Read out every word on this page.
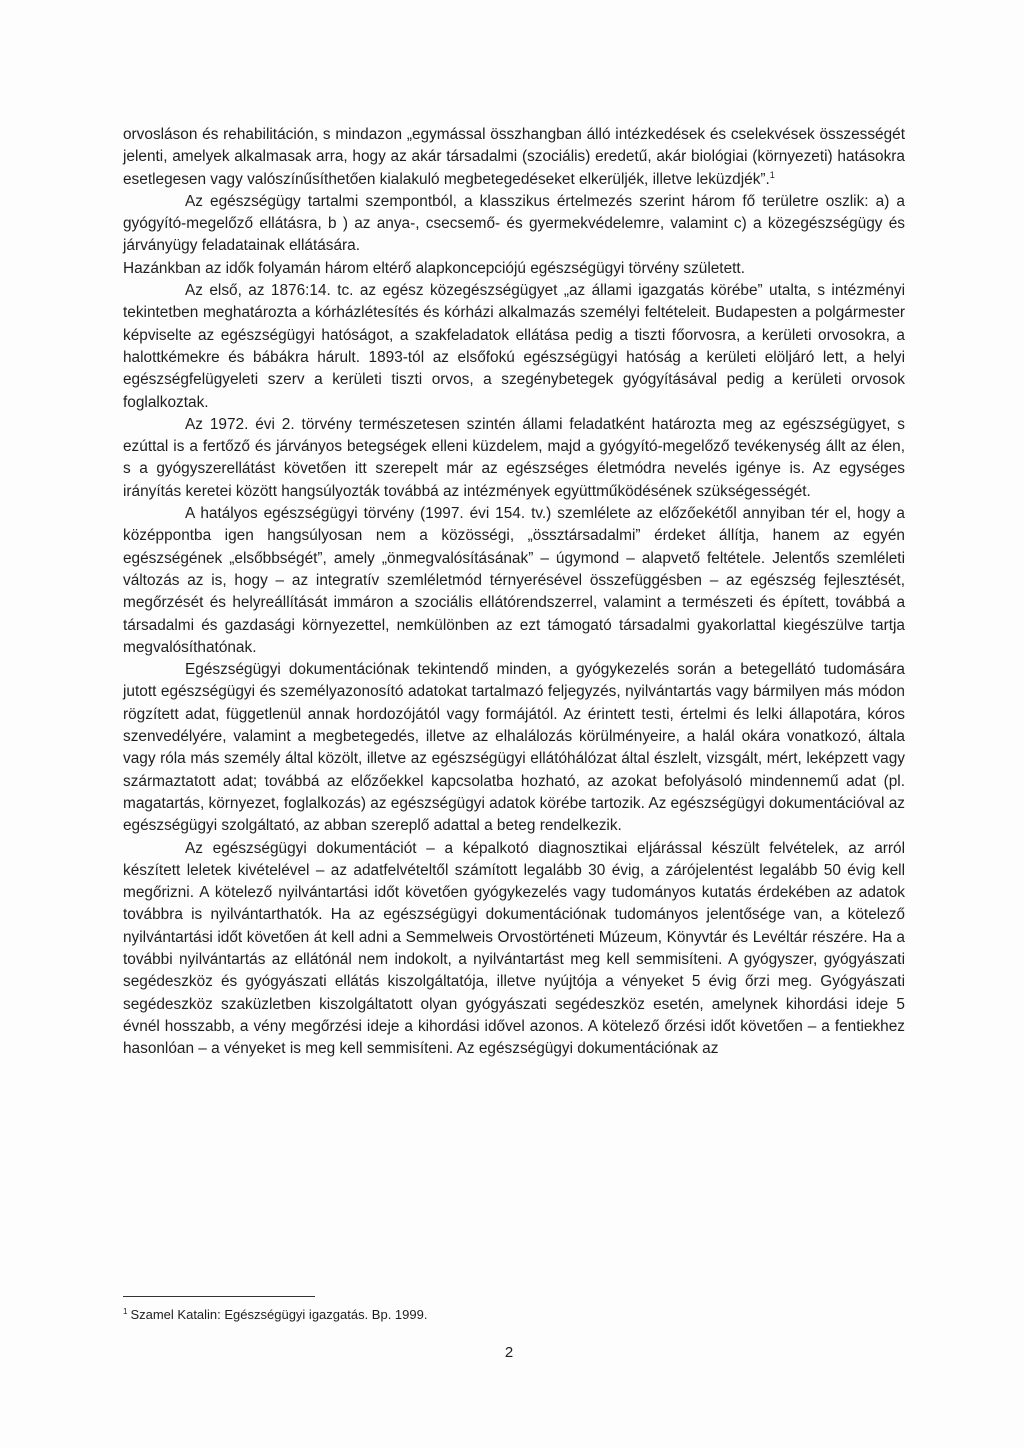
orvosláson és rehabilitáción, s mindazon „egymással összhangban álló intézkedések és cselekvések összességét jelenti, amelyek alkalmasak arra, hogy az akár társadalmi (szociális) eredetű, akár biológiai (környezeti) hatásokra esetlegesen vagy valószínűsíthetően kialakuló megbetegedéseket elkerüljék, illetve leküzdjék”.$^1$

Az egészségügy tartalmi szempontból, a klasszikus értelmezés szerint három fő területre oszlik: a) a gyógyító-megelőző ellátásra, b ) az anya-, csecsemő- és gyermekvédelemre, valamint c) a közegészségügy és járványügy feladatainak ellátására.

Hazánkban az idők folyamán három eltérő alapkoncepciójú egészségügyi törvény született.

Az első, az 1876:14. tc. az egész közegészségügyet „az állami igazgatás körébe” utalta, s intézményi tekintetben meghatározta a kórházlétesítés és kórházi alkalmazás személyi feltételeit. Budapesten a polgármester képviselte az egészségügyi hatóságot, a szakfeladatok ellátása pedig a tiszti főorvosra, a kerületi orvosokra, a halottkémekre és bábákra hárult. 1893-tól az elsőfokú egészségügyi hatóság a kerületi elöljáró lett, a helyi egészségfelügyeleti szerv a kerületi tiszti orvos, a szegénybetegek gyógyításával pedig a kerületi orvosok foglalkoztak.

Az 1972. évi 2. törvény természetesen szintén állami feladatként határozta meg az egészségügyet, s ezúttal is a fertőző és járványos betegségek elleni küzdelem, majd a gyógyító-megelőző tevékenység állt az élen, s a gyógyszerellátást követően itt szerepelt már az egészséges életmódra nevelés igénye is. Az egységes irányítás keretei között hangsúlyozták továbbá az intézmények együttműködésének szükségességét.

A hatályos egészségügyi törvény (1997. évi 154. tv.) szemlélete az előzőekétől annyiban tér el, hogy a középpontba igen hangsúlyosan nem a közösségi, „össztársadalmi” érdeket állítja, hanem az egyén egészségének „elsőbbségét”, amely „önmegvalósításának” – úgymond – alapvető feltétele. Jelentős szemléleti változás az is, hogy – az integratív szemléletmód térnyerésével összefüggésben – az egészség fejlesztését, megőrzését és helyreállítását immáron a szociális ellátórendszerrel, valamint a természeti és épített, továbbá a társadalmi és gazdasági környezettel, nemkülönben az ezt támogató társadalmi gyakorlattal kiegészülve tartja megvalósíthatónak.

Egészségügyi dokumentációnak tekintendő minden, a gyógykezelés során a betegellátó tudomására jutott egészségügyi és személyazonosító adatokat tartalmazó feljegyzés, nyilvántartás vagy bármilyen más módon rögzített adat, függetlenül annak hordozójától vagy formájától. Az érintett testi, értelmi és lelki állapotára, kóros szenvedélyére, valamint a megbetegedés, illetve az elhalálozás körülményeire, a halál okára vonatkozó, általa vagy róla más személy által közölt, illetve az egészségügyi ellátóhálózat által észlelt, vizsgált, mért, leképzett vagy származtatott adat; továbbá az előzőekkel kapcsolatba hozható, az azokat befolyásoló mindennemű adat (pl. magatartás, környezet, foglalkozás) az egészségügyi adatok körébe tartozik. Az egészségügyi dokumentációval az egészségügyi szolgáltató, az abban szereplő adattal a beteg rendelkezik.

Az egészségügyi dokumentációt – a képalkotó diagnosztikai eljárással készült felvételek, az arról készített leletek kivételével – az adatfelvételtől számított legalább 30 évig, a zárójelentést legalább 50 évig kell megőrizni. A kötelező nyilvántartási időt követően gyógykezelés vagy tudományos kutatás érdekében az adatok továbbra is nyilvántarthatók. Ha az egészségügyi dokumentációnak tudományos jelentősége van, a kötelező nyilvántartási időt követően át kell adni a Semmelweis Orvostörténeti Múzeum, Könyvtár és Levéltár részére. Ha a további nyilvántartás az ellátónál nem indokolt, a nyilvántartást meg kell semmisíteni. A gyógyszer, gyógyászati segédeszköz és gyógyászati ellátás kiszolgáltatója, illetve nyújtója a vényeket 5 évig őrzi meg. Gyógyászati segédeszköz szaküzletben kiszolgáltatott olyan gyógyászati segédeszköz esetén, amelynek kihordási ideje 5 évnél hosszabb, a vény megőrzési ideje a kihordási idővel azonos. A kötelező őrzési időt követően – a fentiekhez hasonlóan – a vényeket is meg kell semmisíteni. Az egészségügyi dokumentációnak az

$^1$ Szamel Katalin: Egészségügyi igazgatás. Bp. 1999.
2
